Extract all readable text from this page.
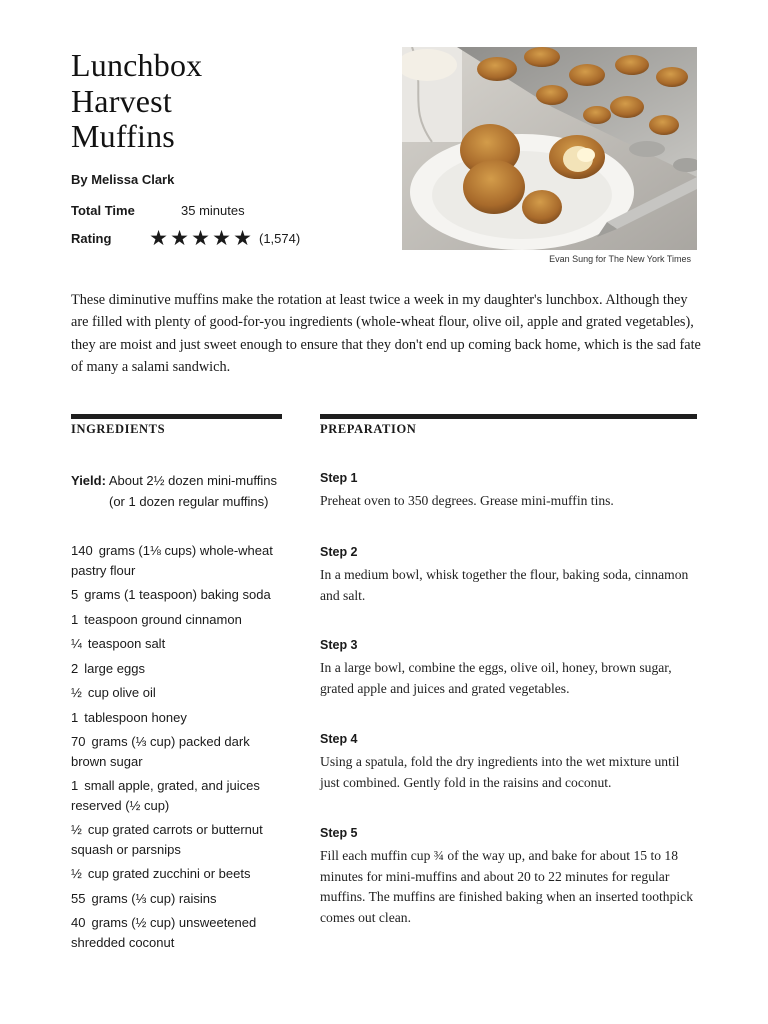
Lunchbox
Harvest
Muffins
By Melissa Clark
Total Time	35 minutes
Rating ★ ★ ★ ★ ★ (1,574)
Evan Sung for The New York Times

These diminutive muffins make the rotation at least twice a week in my daughter's lunchbox. Although they are filled with plenty of good-for-you ingredients (whole-wheat flour, olive oil, apple and grated vegetables), they are moist and just sweet enough to ensure that they don't end up coming back home, which is the sad fate of many a salami sandwich.

INGREDIENTS	PREPARATION
Yield: About 2½ dozen mini-muffins
(or 1 dozen regular muffins)
140 grams (1⅛ cups) whole-wheat pastry flour
5 grams (1 teaspoon) baking soda
1 teaspoon ground cinnamon
¼ teaspoon salt
2 large eggs
½ cup olive oil
1 tablespoon honey
70 grams (⅓ cup) packed dark brown sugar
1 small apple, grated, and juices reserved (½ cup)
½ cup grated carrots or butternut squash or parsnips
½ cup grated zucchini or beets
55 grams (⅓ cup) raisins
40 grams (½ cup) unsweetened shredded coconut
Step 1
Preheat oven to 350 degrees. Grease mini-muffin tins.
Step 2
In a medium bowl, whisk together the flour, baking soda, cinnamon and salt.
Step 3
In a large bowl, combine the eggs, olive oil, honey, brown sugar, grated apple and juices and grated vegetables.
Step 4
Using a spatula, fold the dry ingredients into the wet mixture until just combined. Gently fold in the raisins and coconut.
Step 5
Fill each muffin cup ¾ of the way up, and bake for about 15 to 18 minutes for mini-muffins and about 20 to 22 minutes for regular muffins. The muffins are finished baking when an inserted toothpick comes out clean.
